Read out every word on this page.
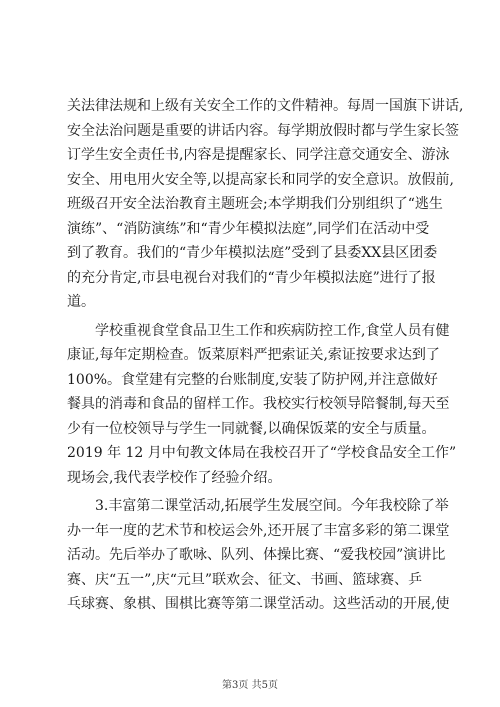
关法律法规和上级有关安全工作的文件精神。每周一国旗下讲话,
安全法治问题是重要的讲话内容。每学期放假时都与学生家长签
订学生安全责任书,内容是提醒家长、同学注意交通安全、游泳
安全、用电用火安全等,以提高家长和同学的安全意识。放假前,
班级召开安全法治教育主题班会;本学期我们分别组织了“逃生
演练”、“消防演练”和“青少年模拟法庭”,同学们在活动中受
到了教育。我们的“青少年模拟法庭”受到了县委XX县区团委
的充分肯定,市县电视台对我们的“青少年模拟法庭”进行了报
道。

学校重视食堂食品卫生工作和疾病防控工作,食堂人员有健
康证,每年定期检查。饭菜原料严把索证关,索证按要求达到了
100%。食堂建有完整的台账制度,安装了防护网,并注意做好
餐具的消毒和食品的留样工作。我校实行校领导陪餐制,每天至
少有一位校领导与学生一同就餐,以确保饭菜的安全与质量。
2019 年 12 月中旬教文体局在我校召开了“学校食品安全工作”
现场会,我代表学校作了经验介绍。

3.丰富第二课堂活动,拓展学生发展空间。今年我校除了举
办一年一度的艺术节和校运会外,还开展了丰富多彩的第二课堂
活动。先后举办了歌咏、队列、体操比赛、“爱我校园”演讲比
赛、庆“五一”,庆“元旦”联欢会、征文、书画、篮球赛、乒
乓球赛、象棋、围棋比赛等第二课堂活动。这些活动的开展,使

第3页 共5页
